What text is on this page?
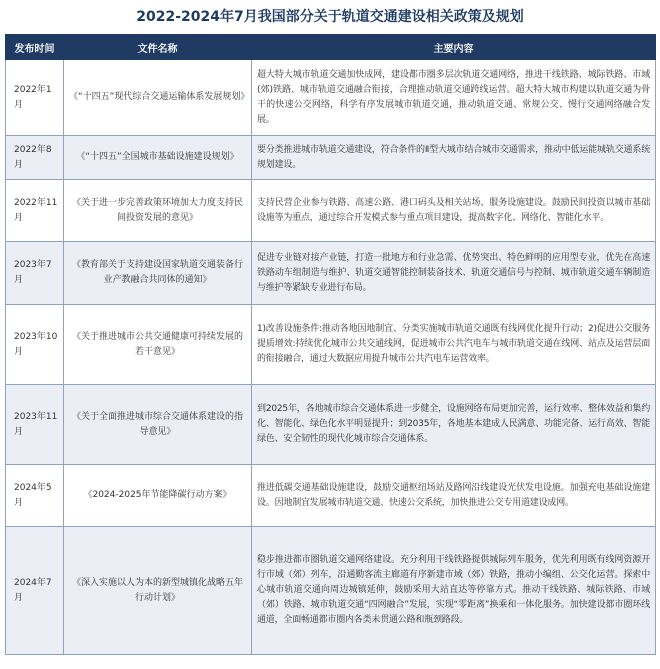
2022-2024年7月我国部分关于轨道交通建设相关政策及规划
发布时间	文件名称	主要内容
2022年1月	《“十四五”现代综合交通运输体系发展规划》	超大特大城市轨道交通加快成网，建设都市圈多层次轨道交通网络，推进干线铁路、城际铁路、市域(郊)铁路、城市轨道交通融合衔接，合理推动轨道交通跨线运营。超大特大城市构建以轨道交通为骨干的快速公交网络，科学有序发展城市轨道交通，推动轨道交通、常规公交、慢行交通网络融合发展。
2022年8月	《“十四五”全国城市基础设施建设规划》	要分类推进城市轨道交通建设，符合条件的Ⅱ型大城市结合城市交通需求，推动中低运能城轨交通系统规划建设。
2022年11月	《关于进一步完善政策环境加大力度支持民间投资发展的意见》	支持民营企业参与铁路、高速公路、港口码头及相关站场、服务设施建设。鼓励民间投资以城市基础设施等为重点，通过综合开发模式参与重点项目建设，提高数字化、网络化、智能化水平。
2023年7月	《教育部关于支持建设国家轨道交通装备行业产教融合共同体的通知》	促进专业链对接产业链，打造一批地方和行业急需、优势突出、特色鲜明的应用型专业，优先在高速铁路动车组制造与维护、轨道交通智能控制装备技术、轨道交通信号与控制、城市轨道交通车辆制造与维护等紧缺专业进行布局。
2023年10月	《关于推进城市公共交通健康可持续发展的若干意见》	1)改善设施条件:推动各地因地制宜、分类实施城市轨道交通既有线网优化提升行动；2)促进公交服务提质增效:持续优化城市公共交通线网，促进城市公共汽电车与城市轨道交通在线网、站点及运营层面的衔接融合，通过大数据应用提升城市公共汽电车运营效率。
2023年11月	《关于全面推进城市综合交通体系建设的指导意见》	到2025年，各地城市综合交通体系进一步健全，设施网络布局更加完善，运行效率、整体效益和集约化、智能化、绿色化水平明显提升；到2035年，各地基本建成人民满意、功能完备、运行高效、智能绿色、安全韧性的现代化城市综合交通体系。
2024年5月	《2024-2025年节能降碳行动方案》	推进低碳交通基础设施建设，鼓励交通枢纽场站及路网沿线建设光伏发电设施。加强充电基础设施建设。因地制宜发展城市轨道交通、快速公交系统，加快推进公交专用道建设成网。
2024年7月	《深入实施以人为本的新型城镇化战略五年行动计划》	稳步推进都市圈轨道交通网络建设。充分利用干线铁路提供城际列车服务，优先利用既有线网资源开行市域（郊）列车，沿通勤客流主廊道有序新建市域（郊）铁路，推动小编组、公交化运营。探索中心城市轨道交通向周边城镇延伸，鼓励采用大站直达等停靠方式。推动干线铁路、城际铁路、市域（郊）铁路、城市轨道交通“四网融合”发展，实现“零距离”换乘和一体化服务。加快建设都市圈环线通道，全面畅通都市圈内各类未贯通公路和瓶颈路段。
